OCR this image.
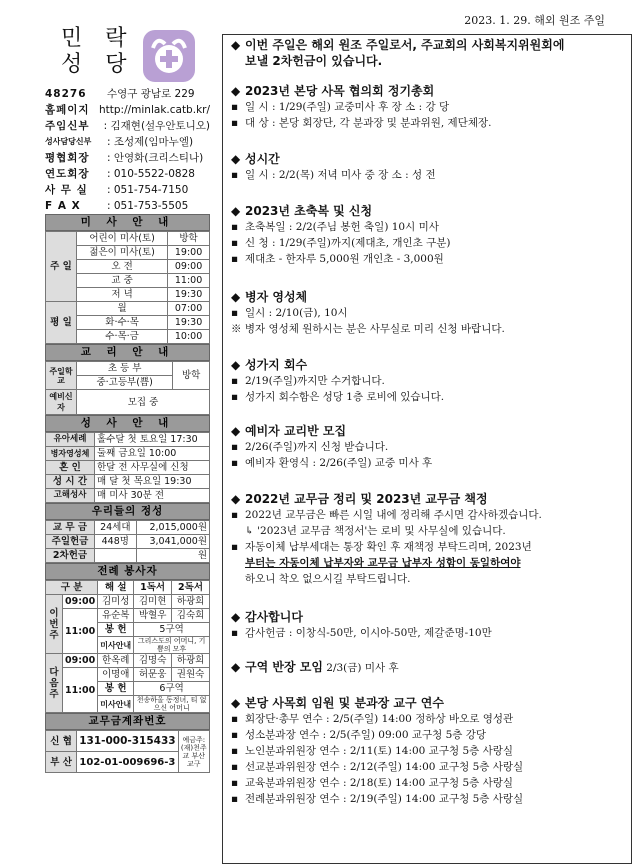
2023. 1. 29. 해외 원조 주일
민 락
성 당
48276	수영구 광남로 229
홈페이지 http://minlak.catb.kr/
주임신부	: 김재현(설우안토니오)
성사담당신부	: 조성제(임마누엘)
평협회장	: 안영화(크리스티나)
연도회장	: 010-5522-0828
사 무 실	: 051-754-7150
F A X	: 051-753-5505
미 사 안 내
주 일	어린이 미사(토)	방학
	젊은이 미사(토)	19:00
	오 전	09:00
	교 중	11:00
	저 녁	19:30
평 일	월	07:00
	화·수·목	19:30
	수·목·금	10:00
교 리 안 내
주일학교	초 등 부	방학
	중·고등부(쁨)	
예비신자	모집 중	
성 사 안 내
유아세례	홀수달 첫 토요일 17:30
병자영성체	둘째 금요일 10:00
혼 인	한달 전 사무실에 신청
성 시 간	매 달 첫 목요일 19:30
고해성사	매 미사 30분 전
우리들의 정성
교 무 금	24세대	2,015,000원
주일헌금	448명	3,041,000원
2차헌금		원
전례 봉사자
구 분		해 설	1독서	2독서
이번주	09:00	김미성	김미현	하광희
	11:00	유순복	박혈우	김숙희
		봉 헌	5구역	
		미사안내	그리스도의 어머니, 기쁨의 모후	

다음주	09:00	한옥례	김명숙	하광희
	11:00	이명애	허문웅	권원숙
		봉 헌	6구역	
		미사안내	천송하올 동정녀, 티 없으신 어머니	

교무금계좌번호
신 협	131-000-315433	예금주: (재)천주교 부산교구
부 산	102-01-009696-3	
◆ 이번 주일은 해외 원조 주일로서, 주교회의 사회복지위원회에
보낼 2차헌금이 있습니다.
◆ 2023년 본당 사목 협의회 정기총회
▪ 일 시 : 1/29(주일) 교중미사 후 장 소 : 강 당
▪ 대 상 : 본당 회장단, 각 분과장 및 분과위원, 제단체장.
◆ 성시간
▪ 일 시 : 2/2(목) 저녁 미사 중 장 소 : 성 전
◆ 2023년 초축복 및 신청
▪ 초축복일 : 2/2(주님 봉헌 축일) 10시 미사
▪ 신 청 : 1/29(주일)까지(제대초, 개인초 구분)
▪ 제대초 - 한자루 5,000원 개인초 - 3,000원
◆ 병자 영성체
▪ 일시 : 2/10(금), 10시
※ 병자 영성체 원하시는 분은 사무실로 미리 신청 바랍니다.
◆ 성가지 회수
▪ 2/19(주일)까지만 수거합니다.
▪ 성가지 회수함은 성당 1층 로비에 있습니다.
◆ 예비자 교리반 모집
▪ 2/26(주일)까지 신청 받습니다.
▪ 예비자 환영식 : 2/26(주일) 교중 미사 후
◆ 2022년 교무금 정리 및 2023년 교무금 책정
▪ 2022년 교무금은 빠른 시일 내에 정리해 주시면 감사하겠습니다.
↳ '2023년 교무금 책정서'는 로비 및 사무실에 있습니다.
▪ 자동이체 납부세대는 통장 확인 후 재책정 부탁드리며, 2023년
부터는 자동이체 납부자와 교무금 납부자 성함이 동일하여야
하오니 착오 없으시길 부탁드립니다.
◆ 감사합니다
▪ 감사헌금 : 이창식-50만, 이시아-50만, 제갈준명-10만
◆ 구역 반장 모임 2/3(금) 미사 후
◆ 본당 사목회 임원 및 분과장 교구 연수
▪ 회장단·총무 연수 : 2/5(주일) 14:00 정하상 바오로 영성관
▪ 성소분과장 연수 : 2/5(주일) 09:00 교구청 5층 강당
▪ 노인분과위원장 연수 : 2/11(토) 14:00 교구청 5층 사랑실
▪ 선교분과위원장 연수 : 2/12(주일) 14:00 교구청 5층 사랑실
▪ 교육분과위원장 연수 : 2/18(토) 14:00 교구청 5층 사랑실
▪ 전례분과위원장 연수 : 2/19(주일) 14:00 교구청 5층 사랑실
